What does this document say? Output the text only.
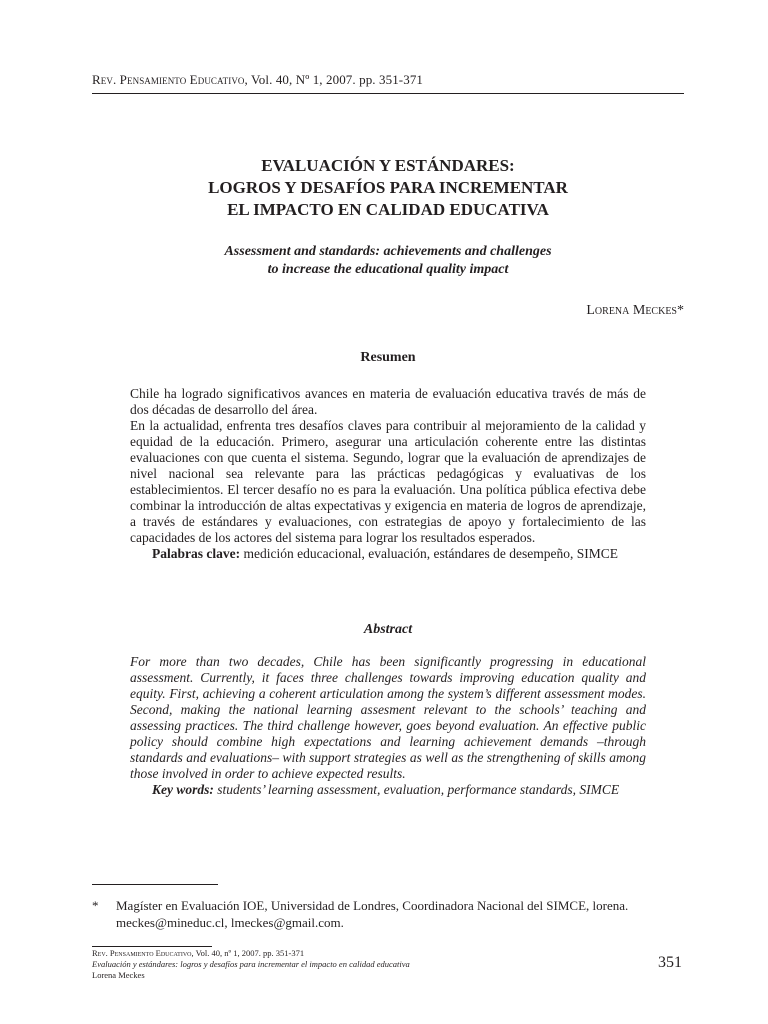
Rev. Pensamiento Educativo, Vol. 40, Nº 1, 2007. pp. 351-371
EVALUACIÓN Y ESTÁNDARES:
LOGROS Y DESAFÍOS PARA INCREMENTAR
EL IMPACTO EN CALIDAD EDUCATIVA
Assessment and standards: achievements and challenges
to increase the educational quality impact
Lorena Meckes*
Resumen

Chile ha logrado significativos avances en materia de evaluación educativa través de más de dos décadas de desarrollo del área.

En la actualidad, enfrenta tres desafíos claves para contribuir al mejoramiento de la calidad y equidad de la educación. Primero, asegurar una articulación coherente entre las distintas evaluaciones con que cuenta el sistema. Segundo, lograr que la evaluación de aprendizajes de nivel nacional sea relevante para las prácticas pedagógicas y evaluativas de los establecimientos. El tercer desafío no es para la evaluación. Una política pública efectiva debe combinar la introducción de altas expectativas y exigencia en materia de logros de aprendizaje, a través de estándares y evaluaciones, con estrategias de apoyo y fortalecimiento de las capacidades de los actores del sistema para lograr los resultados esperados.

Palabras clave: medición educacional, evaluación, estándares de desempeño, SIMCE

Abstract

For more than two decades, Chile has been significantly progressing in educational assessment. Currently, it faces three challenges towards improving education quality and equity. First, achieving a coherent articulation among the system’s different assessment modes. Second, making the national learning assesment relevant to the schools’ teaching and assessing practices. The third challenge however, goes beyond evaluation. An effective public policy should combine high expectations and learning achievement demands –through standards and evaluations– with support strategies as well as the strengthening of skills among those involved in order to achieve expected results.

Key words: students’ learning assessment, evaluation, performance standards, SIMCE

* Magíster en Evaluación IOE, Universidad de Londres, Coordinadora Nacional del SIMCE, lorena. meckes@mineduc.cl, lmeckes@gmail.com.
Rev. Pensamiento Educativo, Vol. 40, nº 1, 2007. pp. 351-371
Evaluación y estándares: logros y desafíos para incrementar el impacto en calidad educativa
Lorena Meckes
351
